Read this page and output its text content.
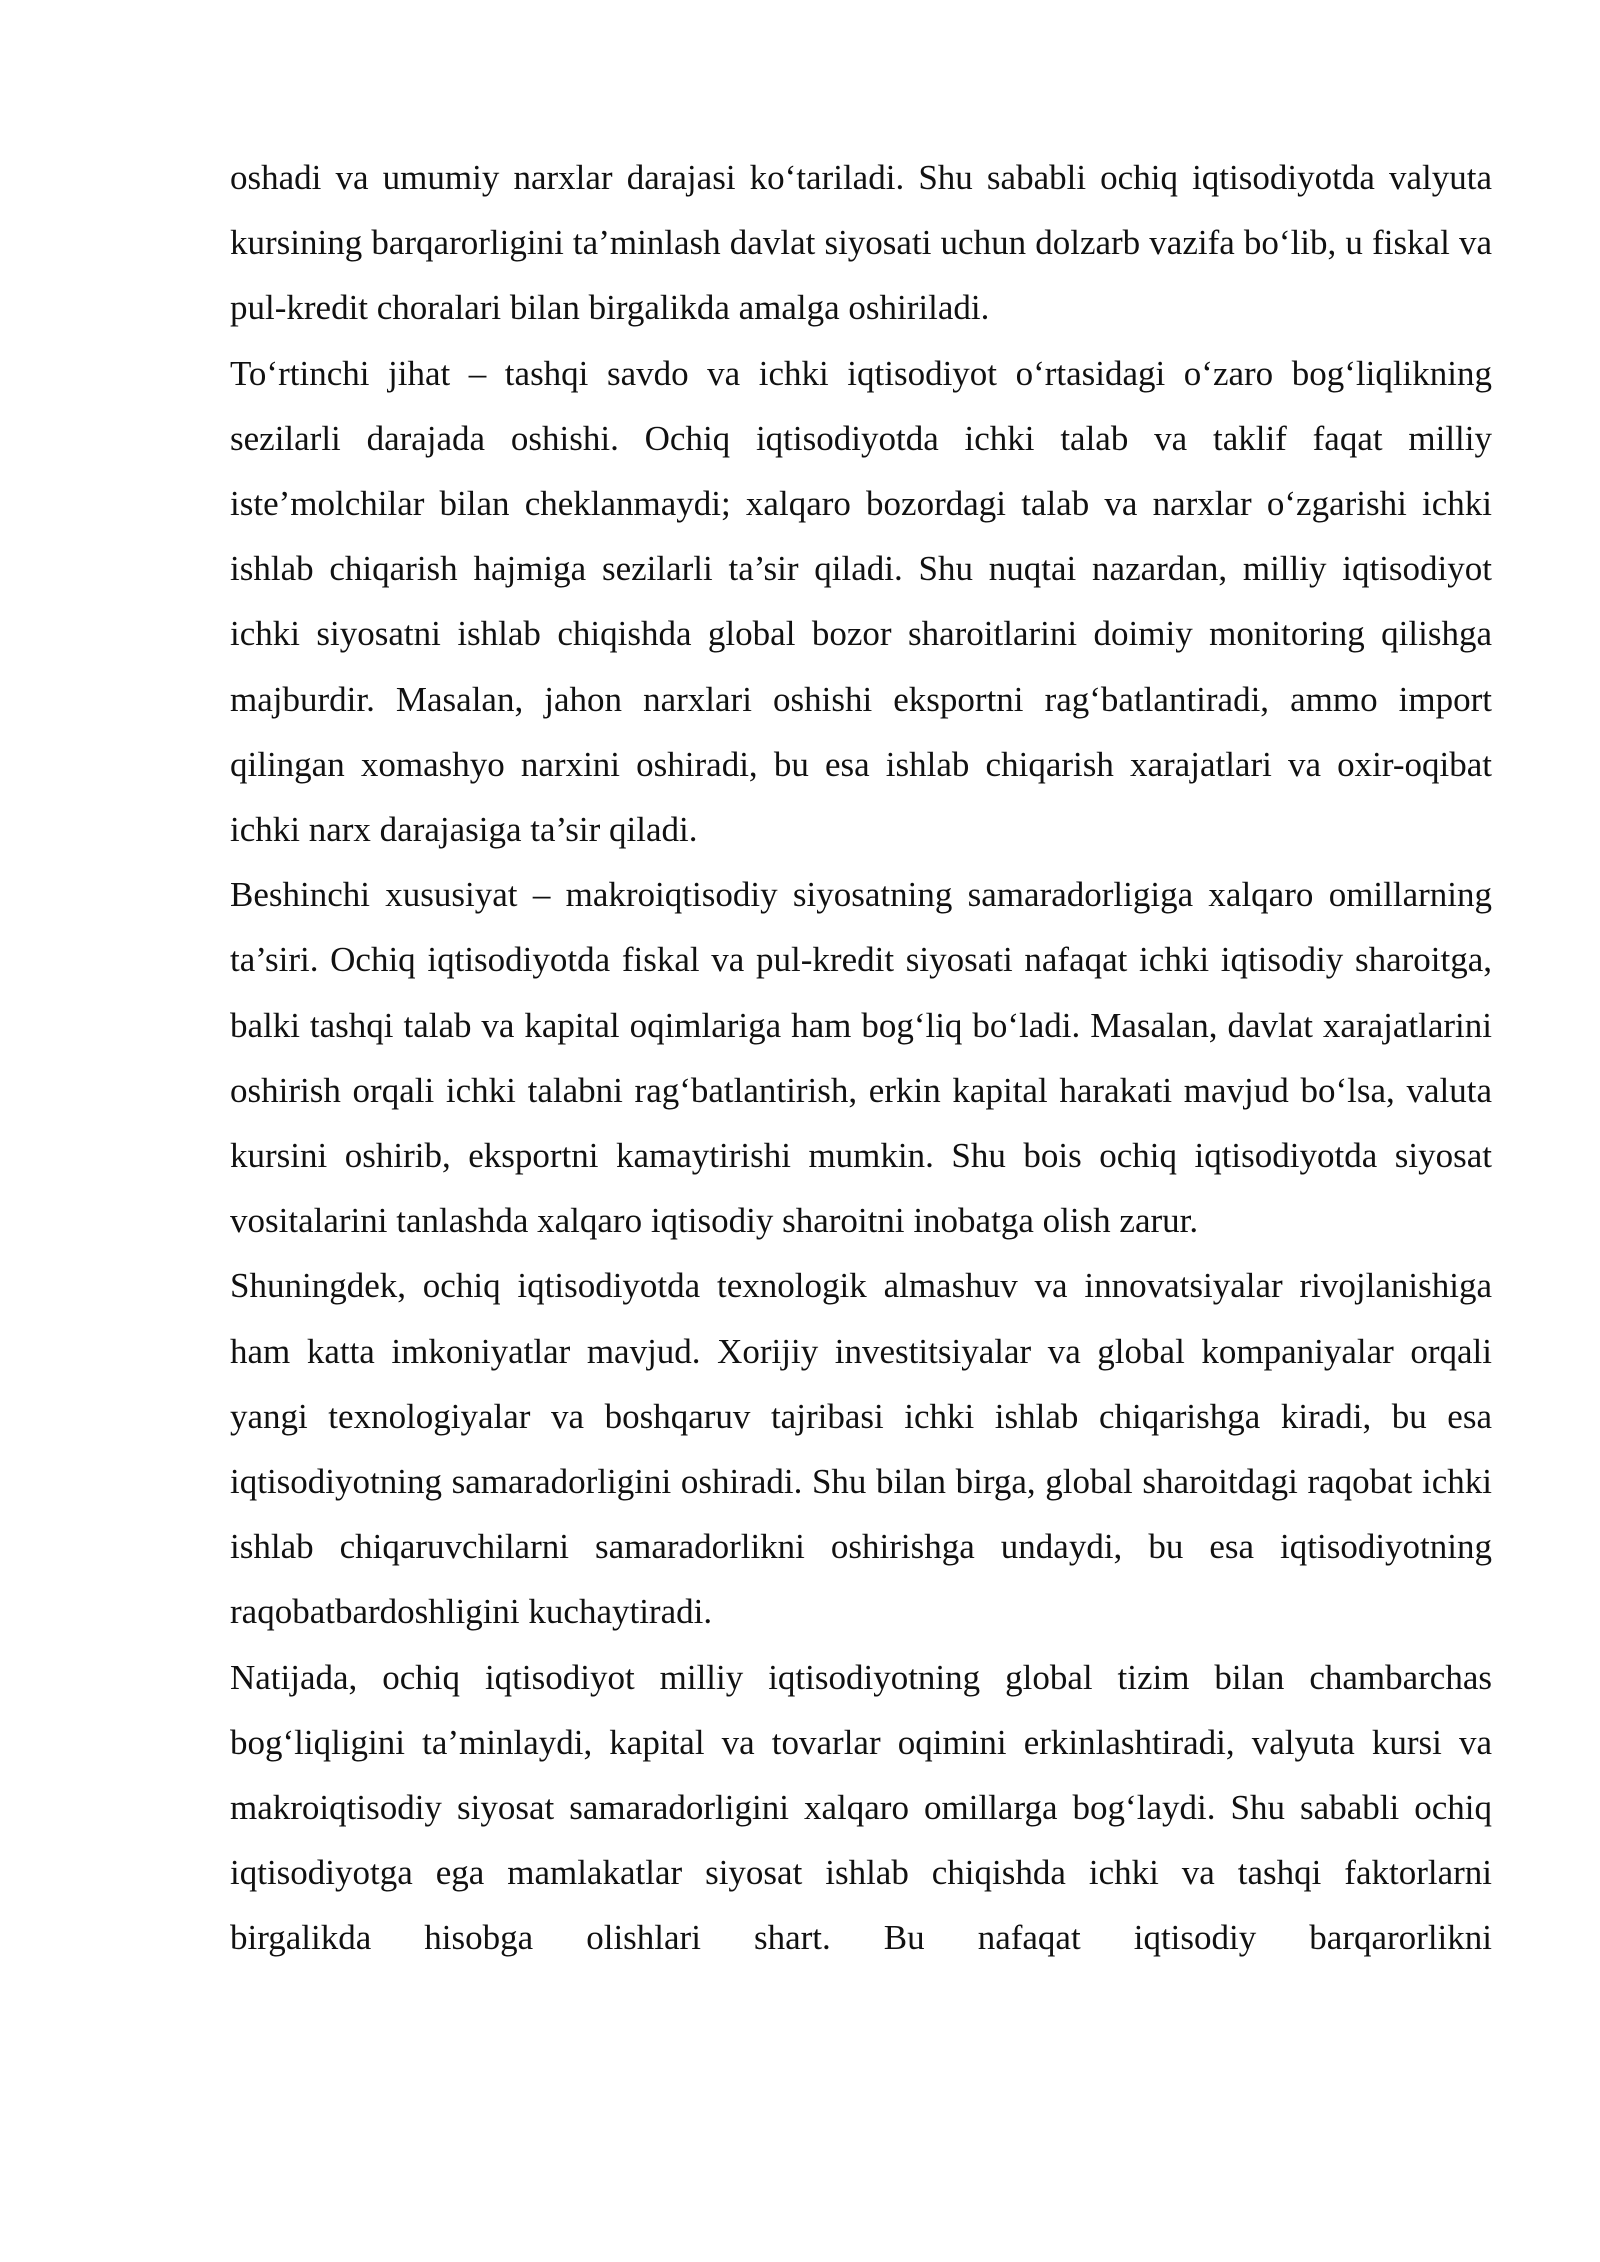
oshadi va umumiy narxlar darajasi ko‘tariladi. Shu sababli ochiq iqtisodiyotda valyuta kursining barqarorligini ta’minlash davlat siyosati uchun dolzarb vazifa bo‘lib, u fiskal va pul-kredit choralari bilan birgalikda amalga oshiriladi.

To‘rtinchi jihat – tashqi savdo va ichki iqtisodiyot o‘rtasidagi o‘zaro bog‘liqlikning sezilarli darajada oshishi. Ochiq iqtisodiyotda ichki talab va taklif faqat milliy iste’molchilar bilan cheklanmaydi; xalqaro bozordagi talab va narxlar o‘zgarishi ichki ishlab chiqarish hajmiga sezilarli ta’sir qiladi. Shu nuqtai nazardan, milliy iqtisodiyot ichki siyosatni ishlab chiqishda global bozor sharoitlarini doimiy monitoring qilishga majburdir. Masalan, jahon narxlari oshishi eksportni rag‘batlantiradi, ammo import qilingan xomashyo narxini oshiradi, bu esa ishlab chiqarish xarajatlari va oxir-oqibat ichki narx darajasiga ta’sir qiladi.

Beshinchi xususiyat – makroiqtisodiy siyosatning samaradorligiga xalqaro omillarning ta’siri. Ochiq iqtisodiyotda fiskal va pul-kredit siyosati nafaqat ichki iqtisodiy sharoitga, balki tashqi talab va kapital oqimlariga ham bog‘liq bo‘ladi. Masalan, davlat xarajatlarini oshirish orqali ichki talabni rag‘batlantirish, erkin kapital harakati mavjud bo‘lsa, valuta kursini oshirib, eksportni kamaytirishi mumkin. Shu bois ochiq iqtisodiyotda siyosat vositalarini tanlashda xalqaro iqtisodiy sharoitni inobatga olish zarur.

Shuningdek, ochiq iqtisodiyotda texnologik almashuv va innovatsiyalar rivojlanishiga ham katta imkoniyatlar mavjud. Xorijiy investitsiyalar va global kompaniyalar orqali yangi texnologiyalar va boshqaruv tajribasi ichki ishlab chiqarishga kiradi, bu esa iqtisodiyotning samaradorligini oshiradi. Shu bilan birga, global sharoitdagi raqobat ichki ishlab chiqaruvchilarni samaradorlikni oshirishga undaydi, bu esa iqtisodiyotning raqobatbardoshligini kuchaytiradi.

Natijada, ochiq iqtisodiyot milliy iqtisodiyotning global tizim bilan chambarchas bog‘liqligini ta’minlaydi, kapital va tovarlar oqimini erkinlashtiradi, valyuta kursi va makroiqtisodiy siyosat samaradorligini xalqaro omillarga bog‘laydi. Shu sababli ochiq iqtisodiyotga ega mamlakatlar siyosat ishlab chiqishda ichki va tashqi faktorlarni birgalikda hisobga olishlari shart. Bu nafaqat iqtisodiy barqarorlikni
